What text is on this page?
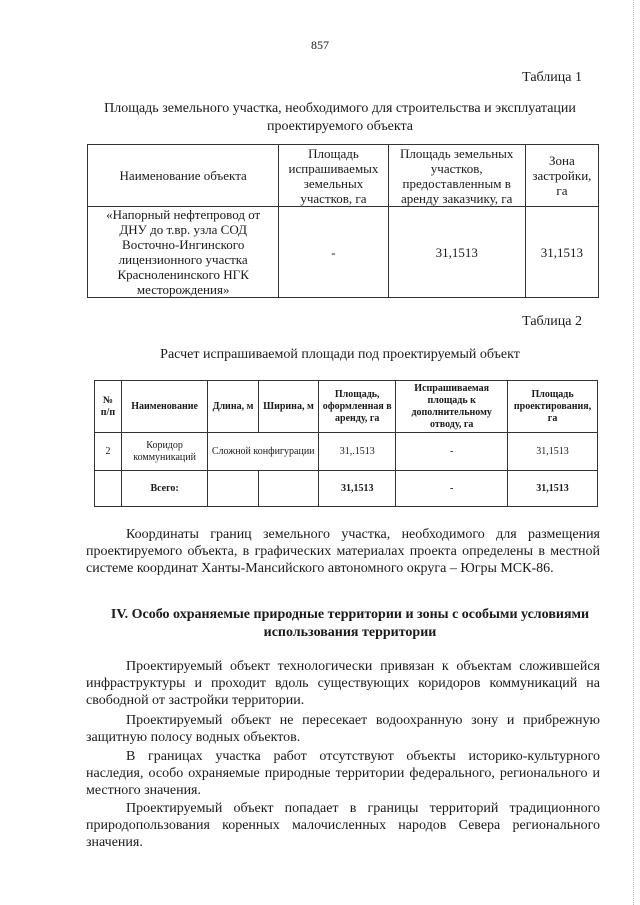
857
Таблица 1
Площадь земельного участка, необходимого для строительства и эксплуатации проектируемого объекта
Наименование объекта	Площадь испрашиваемых земельных участков, га	Площадь земельных участков, предоставленным в аренду заказчику, га	Зона застройки, га
«Напорный нефтепровод от ДНУ до т.вр. узла СОД Восточно-Ингинского лицензионного участка Красноленинского НГК месторождения»	-	31,1513	31,1513
Таблица 2
Расчет испрашиваемой площади под проектируемый объект
№ п/п	Наименование	Длина, м	Ширина, м	Площадь, оформленная в аренду, га	Испрашиваемая площадь к дополнительному отводу, га	Площадь проектирования, га
2	Коридор коммуникаций	Сложной конфигурации		31,.1513	-	31,1513
	Всего:			31,1513	-	31,1513
Координаты границ земельного участка, необходимого для размещения проектируемого объекта, в графических материалах проекта определены в местной системе координат Ханты-Мансийского автономного округа – Югры МСК-86.
IV. Особо охраняемые природные территории и зоны с особыми условиями использования территории
Проектируемый объект технологически привязан к объектам сложившейся инфраструктуры и проходит вдоль существующих коридоров коммуникаций на свободной от застройки территории.
Проектируемый объект не пересекает водоохранную зону и прибрежную защитную полосу водных объектов.
В границах участка работ отсутствуют объекты историко-культурного наследия, особо охраняемые природные территории федерального, регионального и местного значения.
Проектируемый объект попадает в границы территорий традиционного природопользования коренных малочисленных народов Севера регионального значения.
